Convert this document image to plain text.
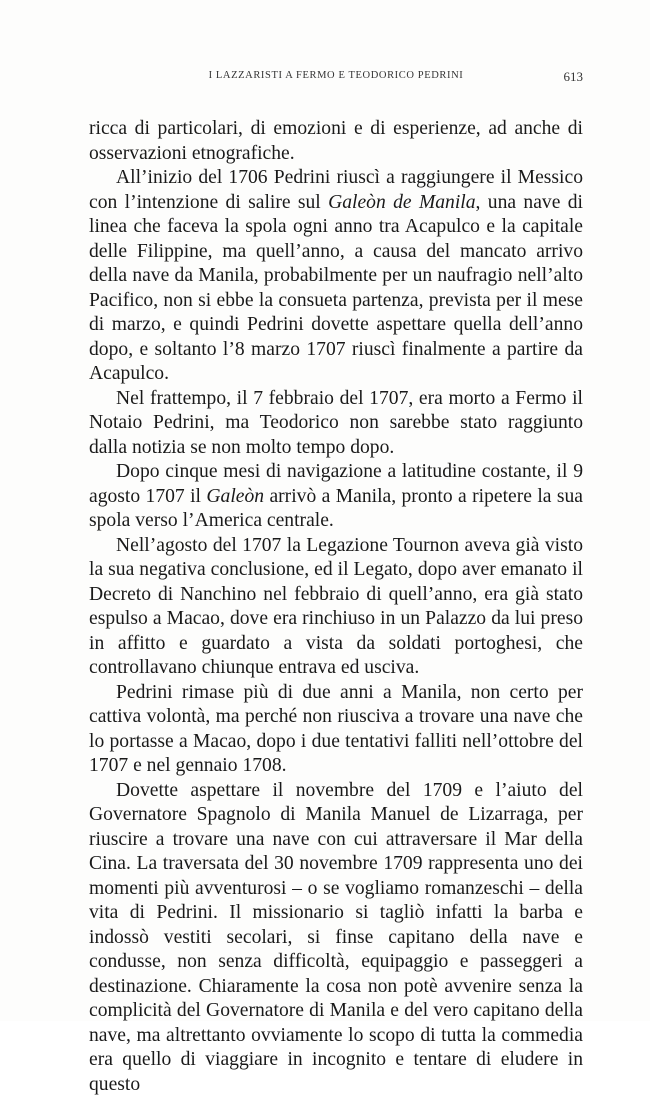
I LAZZARISTI A FERMO E TEODORICO PEDRINI	613

ricca di particolari, di emozioni e di esperienze, ad anche di osservazioni etnografiche.

All’inizio del 1706 Pedrini riuscì a raggiungere il Messico con l’intenzione di salire sul Galeòn de Manila, una nave di linea che faceva la spola ogni anno tra Acapulco e la capitale delle Filippine, ma quell’anno, a causa del mancato arrivo della nave da Manila, probabilmente per un naufragio nell’alto Pacifico, non si ebbe la consueta partenza, prevista per il mese di marzo, e quindi Pedrini dovette aspettare quella dell’anno dopo, e soltanto l’8 marzo 1707 riuscì finalmente a partire da Acapulco.

Nel frattempo, il 7 febbraio del 1707, era morto a Fermo il Notaio Pedrini, ma Teodorico non sarebbe stato raggiunto dalla notizia se non molto tempo dopo.

Dopo cinque mesi di navigazione a latitudine costante, il 9 agosto 1707 il Galeòn arrivò a Manila, pronto a ripetere la sua spola verso l’America centrale.

Nell’agosto del 1707 la Legazione Tournon aveva già visto la sua negativa conclusione, ed il Legato, dopo aver emanato il Decreto di Nanchino nel febbraio di quell’anno, era già stato espulso a Macao, dove era rinchiuso in un Palazzo da lui preso in affitto e guardato a vista da soldati portoghesi, che controllavano chiunque entrava ed usciva.

Pedrini rimase più di due anni a Manila, non certo per cattiva volontà, ma perché non riusciva a trovare una nave che lo portasse a Macao, dopo i due tentativi falliti nell’ottobre del 1707 e nel gennaio 1708.

Dovette aspettare il novembre del 1709 e l’aiuto del Governatore Spagnolo di Manila Manuel de Lizarraga, per riuscire a trovare una nave con cui attraversare il Mar della Cina. La traversata del 30 novembre 1709 rappresenta uno dei momenti più avventurosi – o se vogliamo romanzeschi – della vita di Pedrini. Il missionario si tagliò infatti la barba e indossò vestiti secolari, si finse capitano della nave e condusse, non senza difficoltà, equipaggio e passeggeri a destinazione. Chiaramente la cosa non potè avvenire senza la complicità del Governatore di Manila e del vero capitano della nave, ma altrettanto ovviamente lo scopo di tutta la commedia era quello di viaggiare in incognito e tentare di eludere in questo
